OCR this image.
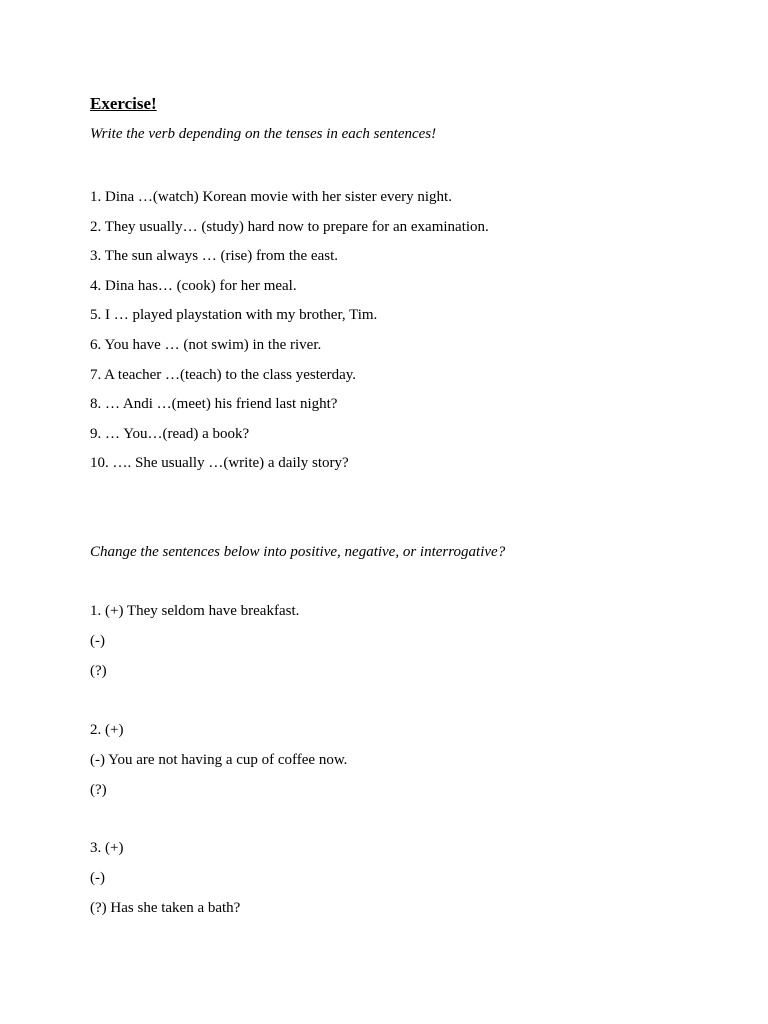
Exercise!

Write the verb depending on the tenses in each sentences!

1. Dina …(watch) Korean movie with her sister every night.
2. They usually… (study) hard now to prepare for an examination.
3. The sun always … (rise) from the east.
4. Dina has… (cook) for her meal.
5. I … played playstation with my brother, Tim.
6. You have … (not swim) in the river.
7. A teacher …(teach) to the class yesterday.
8. … Andi …(meet) his friend last night?
9. … You…(read) a book?
10. …. She usually …(write) a daily story?

Change the sentences below into positive, negative, or interrogative?

1. (+) They seldom have breakfast.
(-)
(?)
2. (+)
(-) You are not having a cup of coffee now.
(?)
3. (+)
(-)
(?) Has she taken a bath?
